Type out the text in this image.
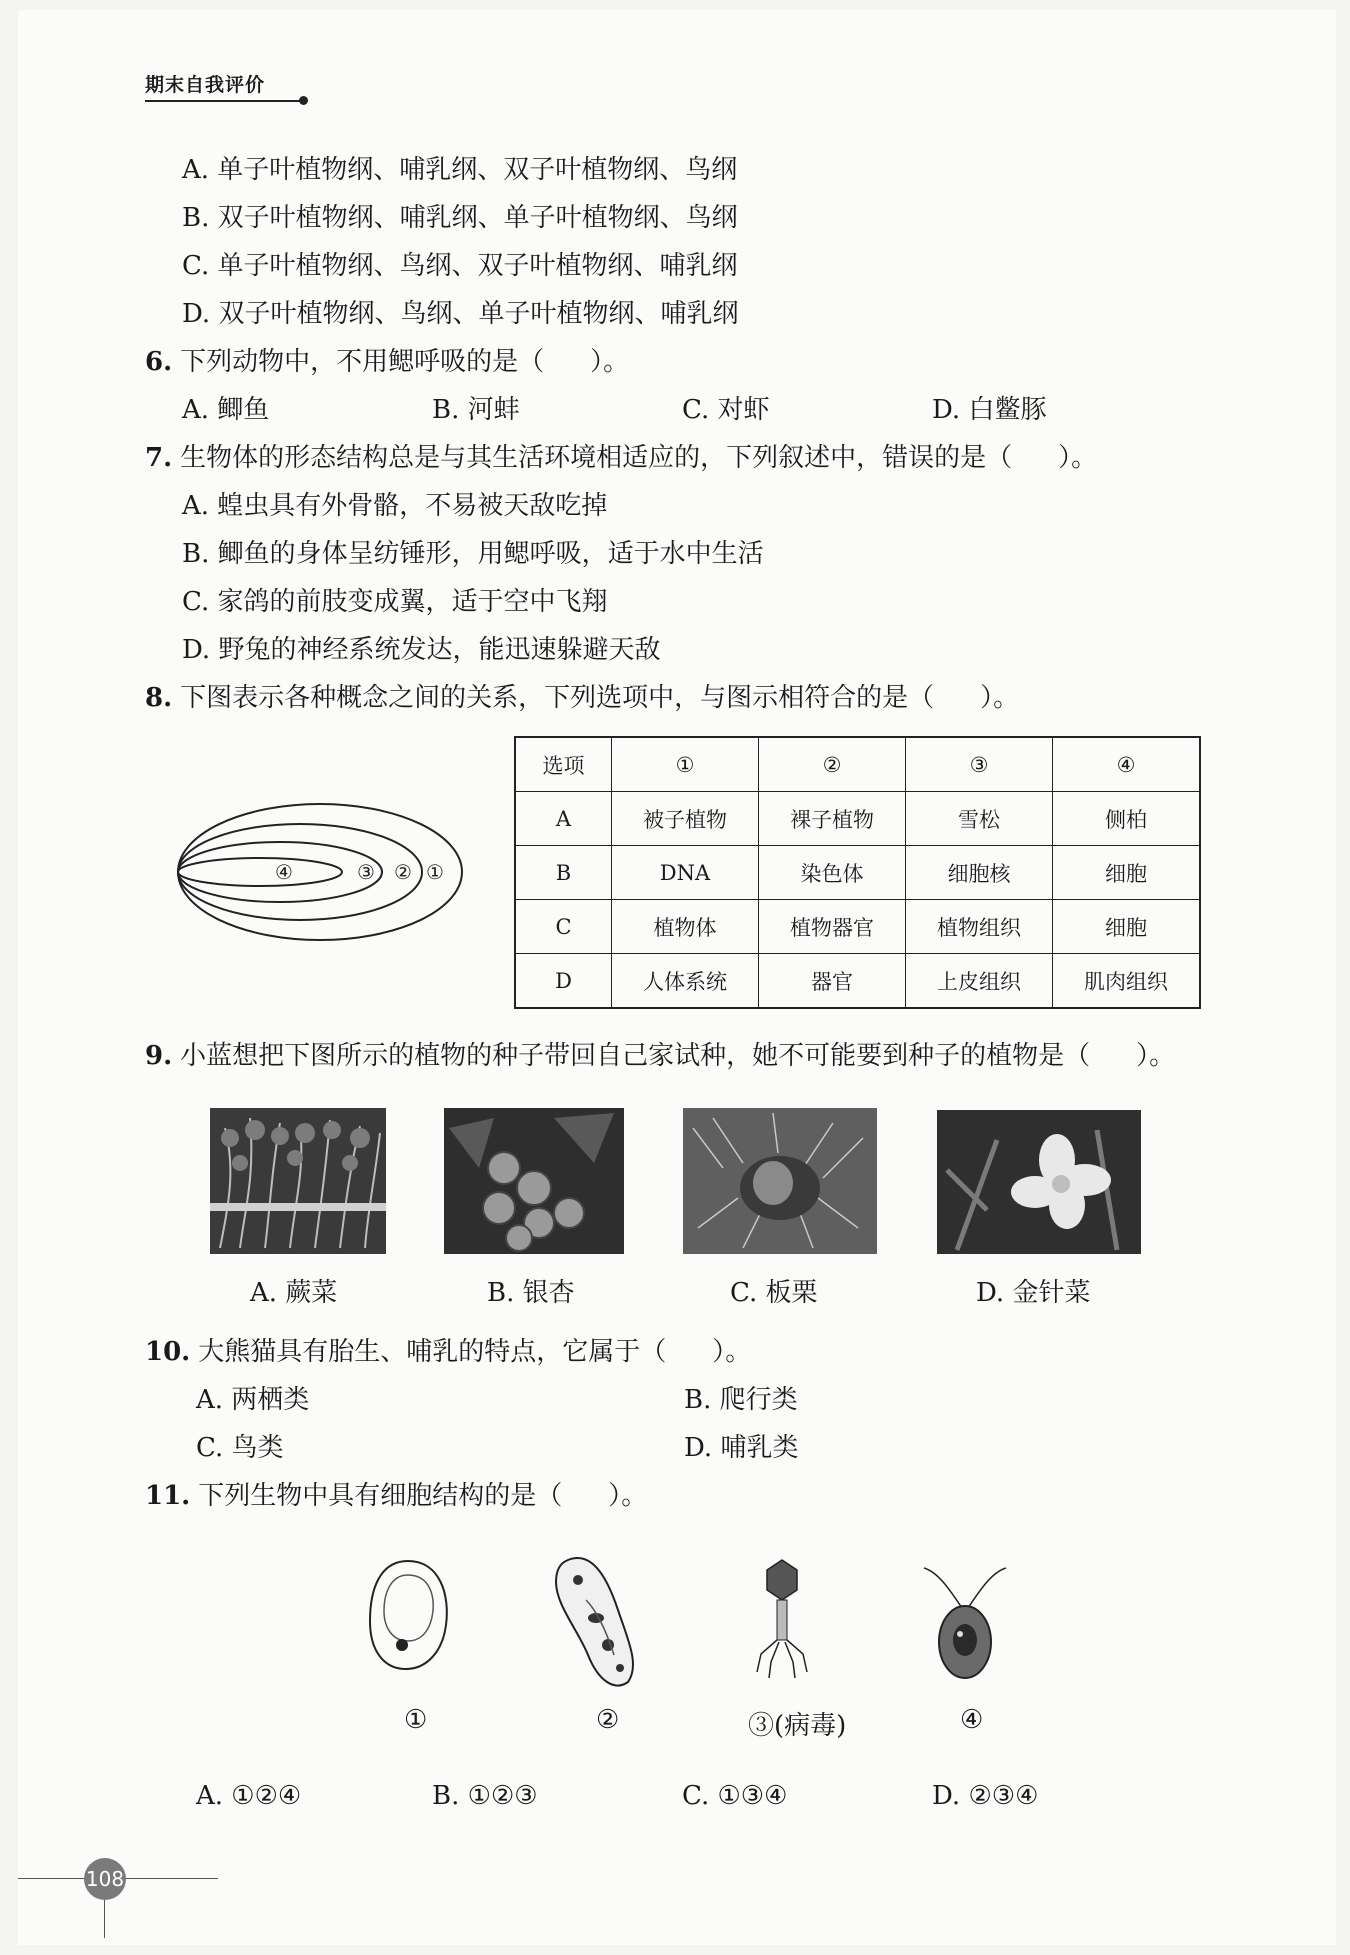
期末自我评价
A. 单子叶植物纲、哺乳纲、双子叶植物纲、鸟纲
B. 双子叶植物纲、哺乳纲、单子叶植物纲、鸟纲
C. 单子叶植物纲、鸟纲、双子叶植物纲、哺乳纲
D. 双子叶植物纲、鸟纲、单子叶植物纲、哺乳纲
6. 下列动物中，不用鳃呼吸的是（ ）。
A. 鲫鱼	B. 河蚌	C. 对虾	D. 白鳖豚
7. 生物体的形态结构总是与其生活环境相适应的，下列叙述中，错误的是（ ）。
A. 蝗虫具有外骨骼，不易被天敌吃掉
B. 鲫鱼的身体呈纺锤形，用鳃呼吸，适于水中生活
C. 家鸽的前肢变成翼，适于空中飞翔
D. 野兔的神经系统发达，能迅速躲避天敌
8. 下图表示各种概念之间的关系，下列选项中，与图示相符合的是（ ）。
④	③ ② ①
选项	①	②	③	④
A	被子植物	裸子植物	雪松	侧柏
B	DNA	染色体	细胞核	细胞
C	植物体	植物器官	植物组织	细胞
D	人体系统	器官	上皮组织	肌肉组织
9. 小蓝想把下图所示的植物的种子带回自己家试种，她不可能要到种子的植物是（ ）。
A. 蕨菜	B. 银杏	C. 板栗	D. 金针菜
10. 大熊猫具有胎生、哺乳的特点，它属于（ ）。
A. 两栖类	B. 爬行类
C. 鸟类	D. 哺乳类
11. 下列生物中具有细胞结构的是（ ）。
①	②	③(病毒)	④
A. ①②④	B. ①②③	C. ①③④	D. ②③④
108
